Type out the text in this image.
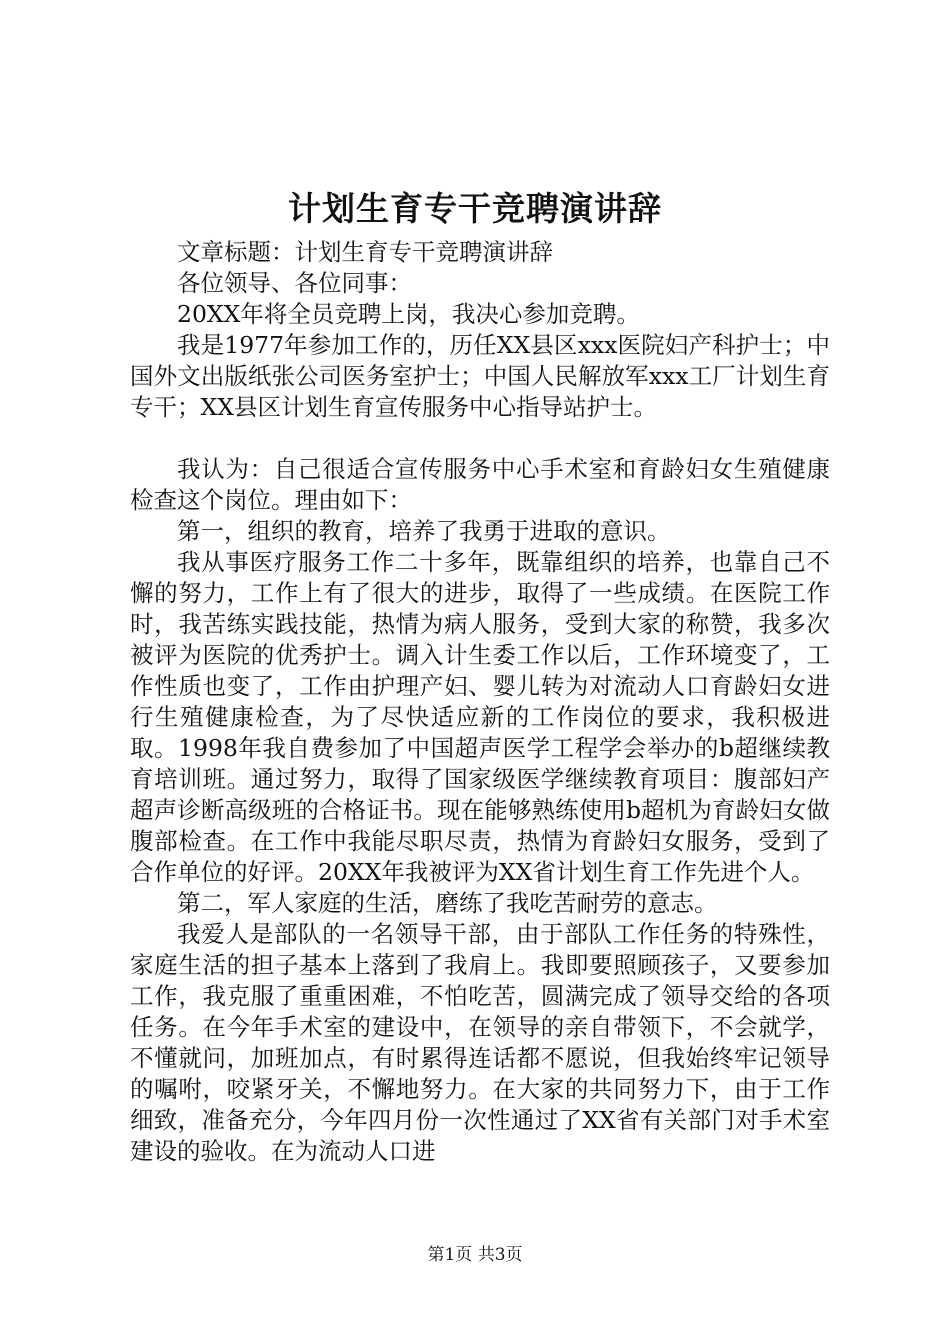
计划生育专干竞聘演讲辞

文章标题：计划生育专干竞聘演讲辞

各位领导、各位同事：

20XX年将全员竞聘上岗，我决心参加竞聘。

我是1977年参加工作的，历任XX县区xxx医院妇产科护士；中国外文出版纸张公司医务室护士；中国人民解放军xxx工厂计划生育专干；XX县区计划生育宣传服务中心指导站护士。

我认为：自己很适合宣传服务中心手术室和育龄妇女生殖健康检查这个岗位。理由如下：

第一，组织的教育，培养了我勇于进取的意识。

我从事医疗服务工作二十多年，既靠组织的培养，也靠自己不懈的努力，工作上有了很大的进步，取得了一些成绩。在医院工作时，我苦练实践技能，热情为病人服务，受到大家的称赞，我多次被评为医院的优秀护士。调入计生委工作以后，工作环境变了，工作性质也变了，工作由护理产妇、婴儿转为对流动人口育龄妇女进行生殖健康检查，为了尽快适应新的工作岗位的要求，我积极进取。1998年我自费参加了中国超声医学工程学会举办的b超继续教育培训班。通过努力，取得了国家级医学继续教育项目：腹部妇产超声诊断高级班的合格证书。现在能够熟练使用b超机为育龄妇女做腹部检查。在工作中我能尽职尽责，热情为育龄妇女服务，受到了合作单位的好评。20XX年我被评为XX省计划生育工作先进个人。

第二，军人家庭的生活，磨练了我吃苦耐劳的意志。

我爱人是部队的一名领导干部，由于部队工作任务的特殊性，家庭生活的担子基本上落到了我肩上。我即要照顾孩子，又要参加工作，我克服了重重困难，不怕吃苦，圆满完成了领导交给的各项任务。在今年手术室的建设中，在领导的亲自带领下，不会就学，不懂就问，加班加点，有时累得连话都不愿说，但我始终牢记领导的嘱咐，咬紧牙关，不懈地努力。在大家的共同努力下，由于工作细致，准备充分，今年四月份一次性通过了XX省有关部门对手术室建设的验收。在为流动人口进

第1页 共3页
